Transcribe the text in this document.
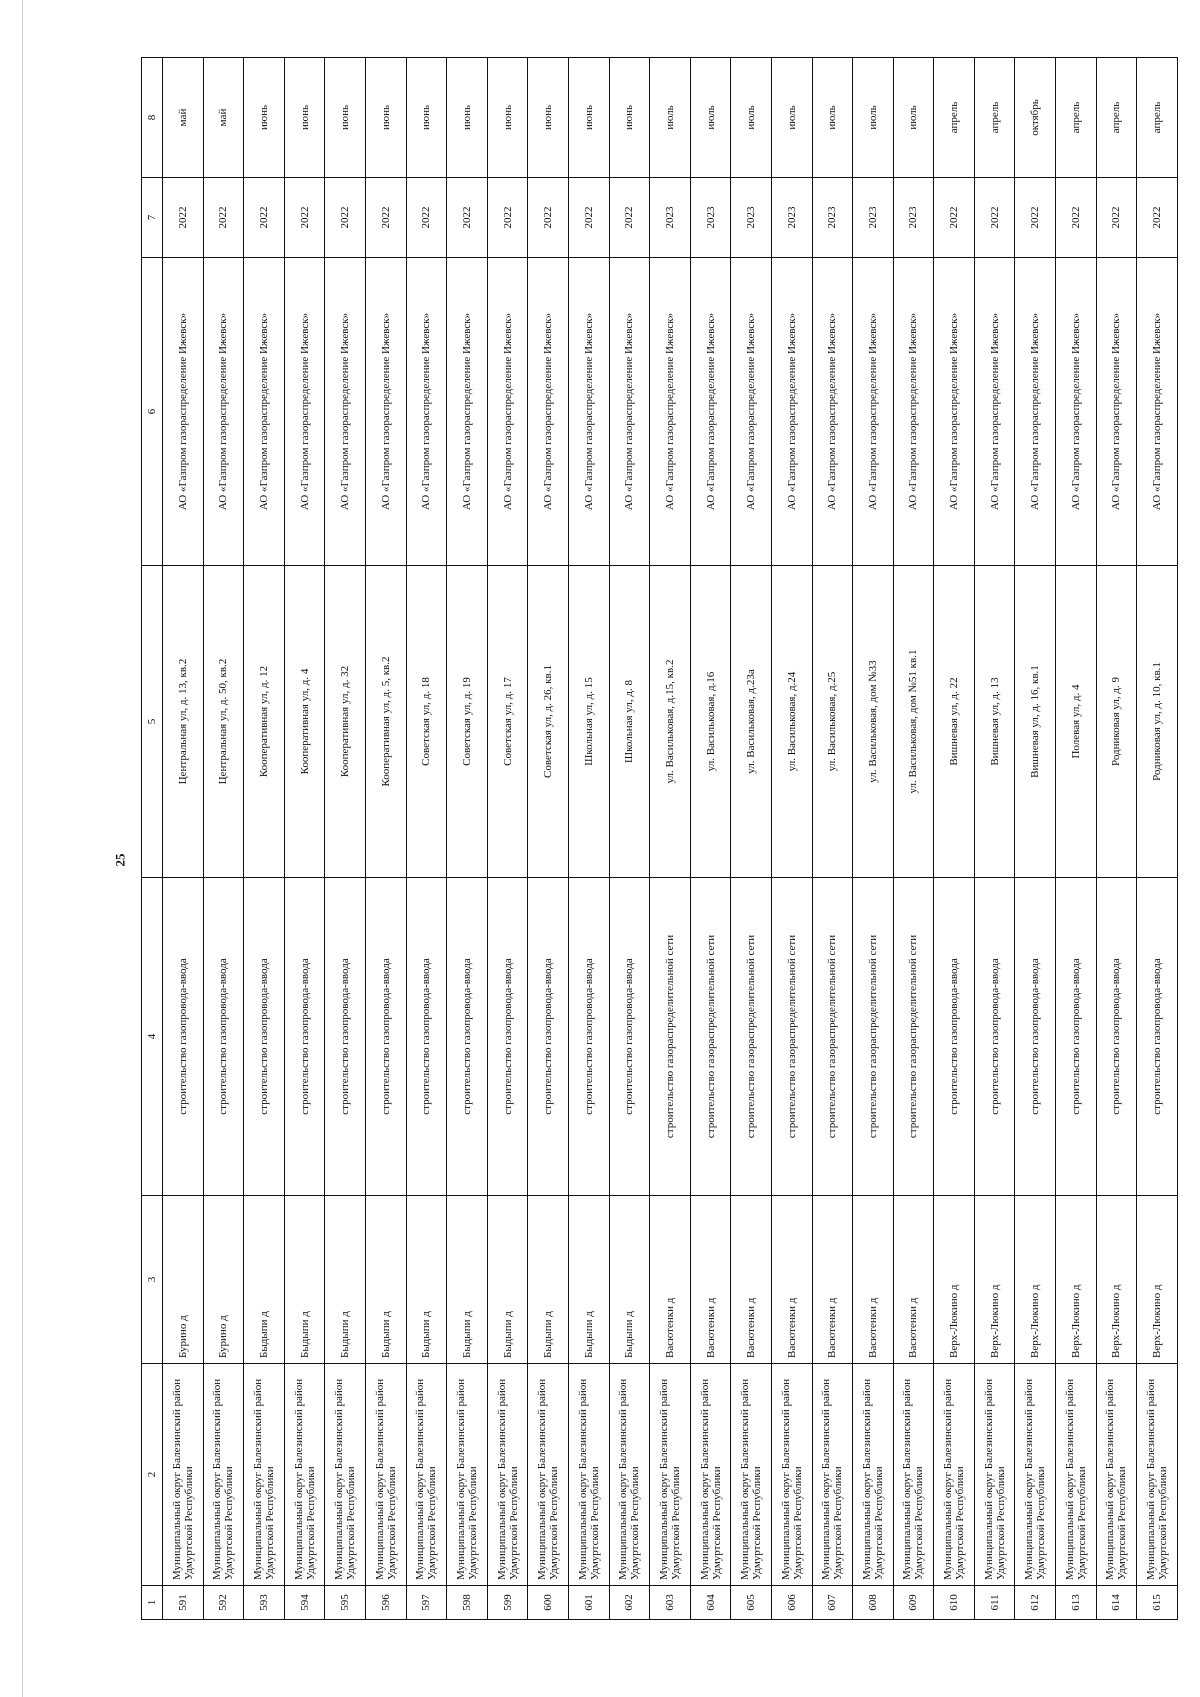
25
1	2	3	4	5	6	7	8
591	Муниципальный округ Балезинский район Удмуртской Республики	Бурино д	строительство газопровода-ввода	Центральная ул, д. 13, кв.2	АО «Газпром газораспределение Ижевск»	2022	май
592	Муниципальный округ Балезинский район Удмуртской Республики	Бурино д	строительство газопровода-ввода	Центральная ул, д. 50, кв.2	АО «Газпром газораспределение Ижевск»	2022	май
593	Муниципальный округ Балезинский район Удмуртской Республики	Быдыпи д	строительство газопровода-ввода	Кооперативная ул, д. 12	АО «Газпром газораспределение Ижевск»	2022	июнь
594	Муниципальный округ Балезинский район Удмуртской Республики	Быдыпи д	строительство газопровода-ввода	Кооперативная ул, д. 4	АО «Газпром газораспределение Ижевск»	2022	июнь
595	Муниципальный округ Балезинский район Удмуртской Республики	Быдыпи д	строительство газопровода-ввода	Кооперативная ул, д. 32	АО «Газпром газораспределение Ижевск»	2022	июнь
596	Муниципальный округ Балезинский район Удмуртской Республики	Быдыпи д	строительство газопровода-ввода	Кооперативная ул, д. 5, кв.2	АО «Газпром газораспределение Ижевск»	2022	июнь
597	Муниципальный округ Балезинский район Удмуртской Республики	Быдыпи д	строительство газопровода-ввода	Советская ул, д. 18	АО «Газпром газораспределение Ижевск»	2022	июнь
598	Муниципальный округ Балезинский район Удмуртской Республики	Быдыпи д	строительство газопровода-ввода	Советская ул, д. 19	АО «Газпром газораспределение Ижевск»	2022	июнь
599	Муниципальный округ Балезинский район Удмуртской Республики	Быдыпи д	строительство газопровода-ввода	Советская ул, д. 17	АО «Газпром газораспределение Ижевск»	2022	июнь
600	Муниципальный округ Балезинский район Удмуртской Республики	Быдыпи д	строительство газопровода-ввода	Советская ул, д. 26, кв.1	АО «Газпром газораспределение Ижевск»	2022	июнь
601	Муниципальный округ Балезинский район Удмуртской Республики	Быдыпи д	строительство газопровода-ввода	Школьная ул, д. 15	АО «Газпром газораспределение Ижевск»	2022	июнь
602	Муниципальный округ Балезинский район Удмуртской Республики	Быдыпи д	строительство газопровода-ввода	Школьная ул, д. 8	АО «Газпром газораспределение Ижевск»	2022	июнь
603	Муниципальный округ Балезинский район Удмуртской Республики	Васютенки д	строительство газораспределительной сети	ул. Васильковая, д.15, кв.2	АО «Газпром газораспределение Ижевск»	2023	июль
604	Муниципальный округ Балезинский район Удмуртской Республики	Васютенки д	строительство газораспределительной сети	ул. Васильковая, д.16	АО «Газпром газораспределение Ижевск»	2023	июль
605	Муниципальный округ Балезинский район Удмуртской Республики	Васютенки д	строительство газораспределительной сети	ул. Васильковая, д.23а	АО «Газпром газораспределение Ижевск»	2023	июль
606	Муниципальный округ Балезинский район Удмуртской Республики	Васютенки д	строительство газораспределительной сети	ул. Васильковая, д.24	АО «Газпром газораспределение Ижевск»	2023	июль
607	Муниципальный округ Балезинский район Удмуртской Республики	Васютенки д	строительство газораспределительной сети	ул. Васильковая, д.25	АО «Газпром газораспределение Ижевск»	2023	июль
608	Муниципальный округ Балезинский район Удмуртской Республики	Васютенки д	строительство газораспределительной сети	ул. Васильковая, дом №33	АО «Газпром газораспределение Ижевск»	2023	июль
609	Муниципальный округ Балезинский район Удмуртской Республики	Васютенки д	строительство газораспределительной сети	ул. Васильковая, дом №51 кв.1	АО «Газпром газораспределение Ижевск»	2023	июль
610	Муниципальный округ Балезинский район Удмуртской Республики	Верх-Люкино д	строительство газопровода-ввода	Вишневая ул, д. 22	АО «Газпром газораспределение Ижевск»	2022	апрель
611	Муниципальный округ Балезинский район Удмуртской Республики	Верх-Люкино д	строительство газопровода-ввода	Вишневая ул, д. 13	АО «Газпром газораспределение Ижевск»	2022	апрель
612	Муниципальный округ Балезинский район Удмуртской Республики	Верх-Люкино д	строительство газопровода-ввода	Вишневая ул, д. 16, кв.1	АО «Газпром газораспределение Ижевск»	2022	октябрь
613	Муниципальный округ Балезинский район Удмуртской Республики	Верх-Люкино д	строительство газопровода-ввода	Полевая ул, д. 4	АО «Газпром газораспределение Ижевск»	2022	апрель
614	Муниципальный округ Балезинский район Удмуртской Республики	Верх-Люкино д	строительство газопровода-ввода	Родниковая ул, д. 9	АО «Газпром газораспределение Ижевск»	2022	апрель
615	Муниципальный округ Балезинский район Удмуртской Республики	Верх-Люкино д	строительство газопровода-ввода	Родниковая ул, д. 10, кв.1	АО «Газпром газораспределение Ижевск»	2022	апрель
